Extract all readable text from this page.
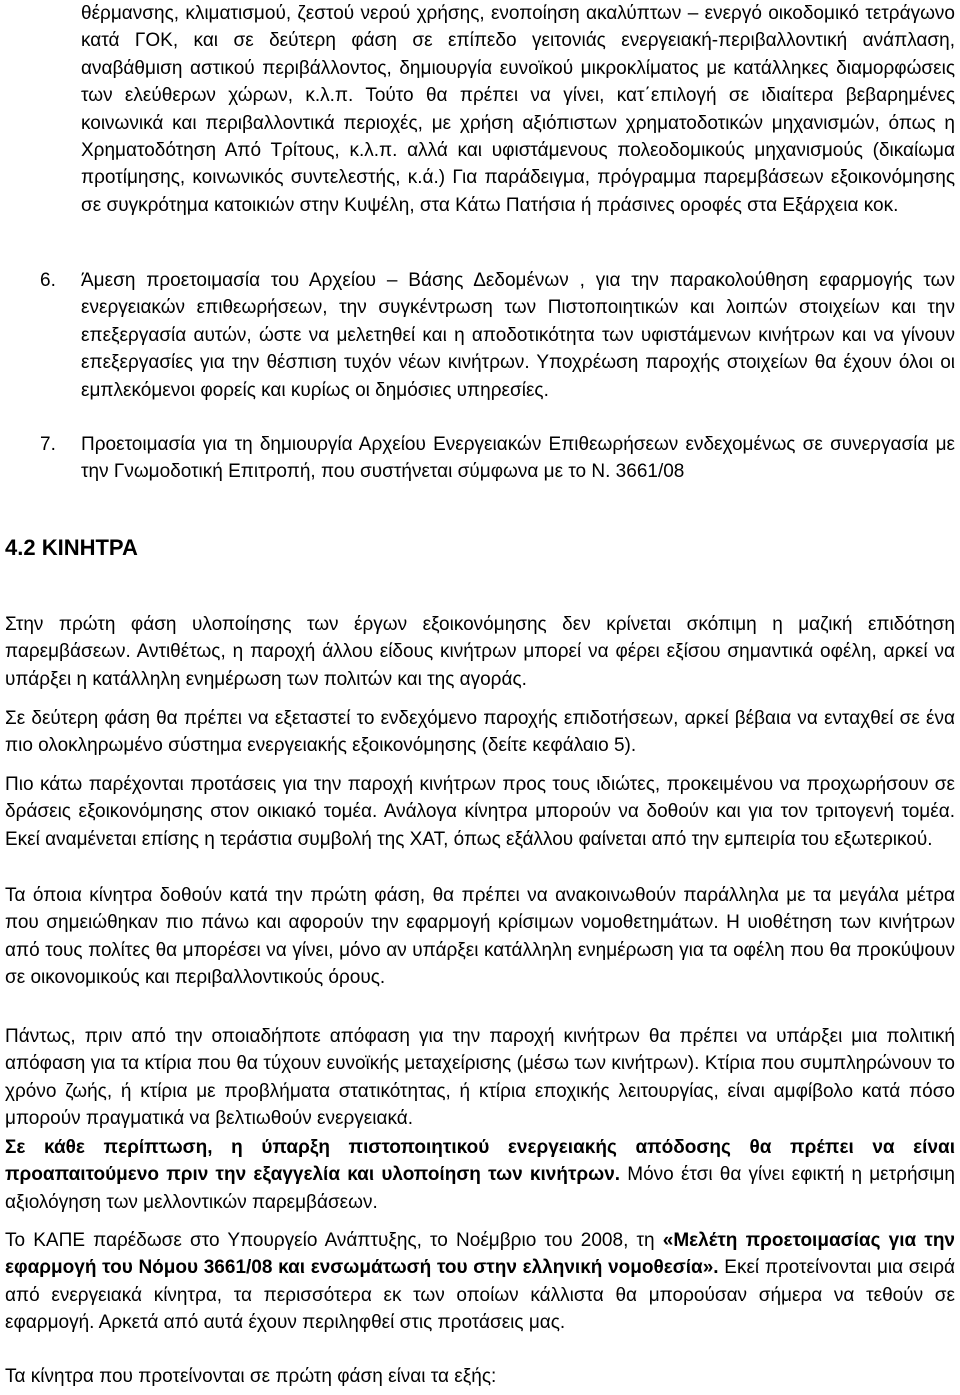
θέρμανσης, κλιματισμού, ζεστού νερού χρήσης, ενοποίηση ακαλύπτων – ενεργό οικοδομικό τετράγωνο κατά ΓΟΚ, και σε δεύτερη φάση σε επίπεδο γειτονιάς ενεργειακή-περιβαλλοντική ανάπλαση, αναβάθμιση αστικού περιβάλλοντος, δημιουργία ευνοϊκού μικροκλίματος με κατάλληκες διαμορφώσεις των ελεύθερων χώρων, κ.λ.π. Τούτο θα πρέπει να γίνει, κατ΄επιλογή σε ιδιαίτερα βεβαρημένες κοινωνικά και περιβαλλοντικά περιοχές, με χρήση αξιόπιστων χρηματοδοτικών μηχανισμών, όπως η Χρηματοδότηση Από Τρίτους, κ.λ.π. αλλά και υφιστάμενους πολεοδομικούς μηχανισμούς (δικαίωμα προτίμησης, κοινωνικός συντελεστής, κ.ά.) Για παράδειγμα, πρόγραμμα παρεμβάσεων εξοικονόμησης σε συγκρότημα κατοικιών στην Κυψέλη, στα Κάτω Πατήσια ή πράσινες οροφές στα Εξάρχεια κοκ.

6. Άμεση προετοιμασία του Αρχείου – Βάσης Δεδομένων , για την παρακολούθηση εφαρμογής των ενεργειακών επιθεωρήσεων, την συγκέντρωση των Πιστοποιητικών και λοιπών στοιχείων και την επεξεργασία αυτών, ώστε να μελετηθεί και η αποδοτικότητα των υφιστάμενων κινήτρων και να γίνουν επεξεργασίες για την θέσπιση τυχόν νέων κινήτρων. Υποχρέωση παροχής στοιχείων θα έχουν όλοι οι εμπλεκόμενοι φορείς και κυρίως οι δημόσιες υπηρεσίες.

7. Προετοιμασία για τη δημιουργία Αρχείου Ενεργειακών Επιθεωρήσεων ενδεχομένως σε συνεργασία με την Γνωμοδοτική Επιτροπή, που συστήνεται σύμφωνα με το Ν. 3661/08

4.2 ΚΙΝΗΤΡΑ

Στην πρώτη φάση υλοποίησης των έργων εξοικονόμησης δεν κρίνεται σκόπιμη η μαζική επιδότηση παρεμβάσεων. Αντιθέτως, η παροχή άλλου είδους κινήτρων μπορεί να φέρει εξίσου σημαντικά οφέλη, αρκεί να υπάρξει η κατάλληλη ενημέρωση των πολιτών και της αγοράς.

Σε δεύτερη φάση θα πρέπει να εξεταστεί το ενδεχόμενο παροχής επιδοτήσεων, αρκεί βέβαια να ενταχθεί σε ένα πιο ολοκληρωμένο σύστημα ενεργειακής εξοικονόμησης (δείτε κεφάλαιο 5).

Πιο κάτω παρέχονται προτάσεις για την παροχή κινήτρων προς τους ιδιώτες, προκειμένου να προχωρήσουν σε δράσεις εξοικονόμησης στον οικιακό τομέα. Ανάλογα κίνητρα μπορούν να δοθούν και για τον τριτογενή τομέα. Εκεί αναμένεται επίσης η τεράστια συμβολή της ΧΑΤ, όπως εξάλλου φαίνεται από την εμπειρία του εξωτερικού.

Τα όποια κίνητρα δοθούν κατά την πρώτη φάση, θα πρέπει να ανακοινωθούν παράλληλα με τα μεγάλα μέτρα που σημειώθηκαν πιο πάνω και αφορούν την εφαρμογή κρίσιμων νομοθετημάτων. Η υιοθέτηση των κινήτρων από τους πολίτες θα μπορέσει να γίνει, μόνο αν υπάρξει κατάλληλη ενημέρωση για τα οφέλη που θα προκύψουν σε οικονομικούς και περιβαλλοντικούς όρους.

Πάντως, πριν από την οποιαδήποτε απόφαση για την παροχή κινήτρων θα πρέπει να υπάρξει μια πολιτική απόφαση για τα κτίρια που θα τύχουν ευνοϊκής μεταχείρισης (μέσω των κινήτρων). Κτίρια που συμπληρώνουν το χρόνο ζωής, ή κτίρια με προβλήματα στατικότητας, ή κτίρια εποχικής λειτουργίας, είναι αμφίβολο κατά πόσο μπορούν πραγματικά να βελτιωθούν ενεργειακά.

Σε κάθε περίπτωση, η ύπαρξη πιστοποιητικού ενεργειακής απόδοσης θα πρέπει να είναι προαπαιτούμενο πριν την εξαγγελία και υλοποίηση των κινήτρων. Μόνο έτσι θα γίνει εφικτή η μετρήσιμη αξιολόγηση των μελλοντικών παρεμβάσεων.

Το ΚΑΠΕ παρέδωσε στο Υπουργείο Ανάπτυξης, το Νοέμβριο του 2008, τη «Μελέτη προετοιμασίας για την εφαρμογή του Νόμου 3661/08 και ενσωμάτωσή του στην ελληνική νομοθεσία». Εκεί προτείνονται μια σειρά από ενεργειακά κίνητρα, τα περισσότερα εκ των οποίων κάλλιστα θα μπορούσαν σήμερα να τεθούν σε εφαρμογή. Αρκετά από αυτά έχουν περιληφθεί στις προτάσεις μας.

Τα κίνητρα που προτείνονται σε πρώτη φάση είναι τα εξής:
